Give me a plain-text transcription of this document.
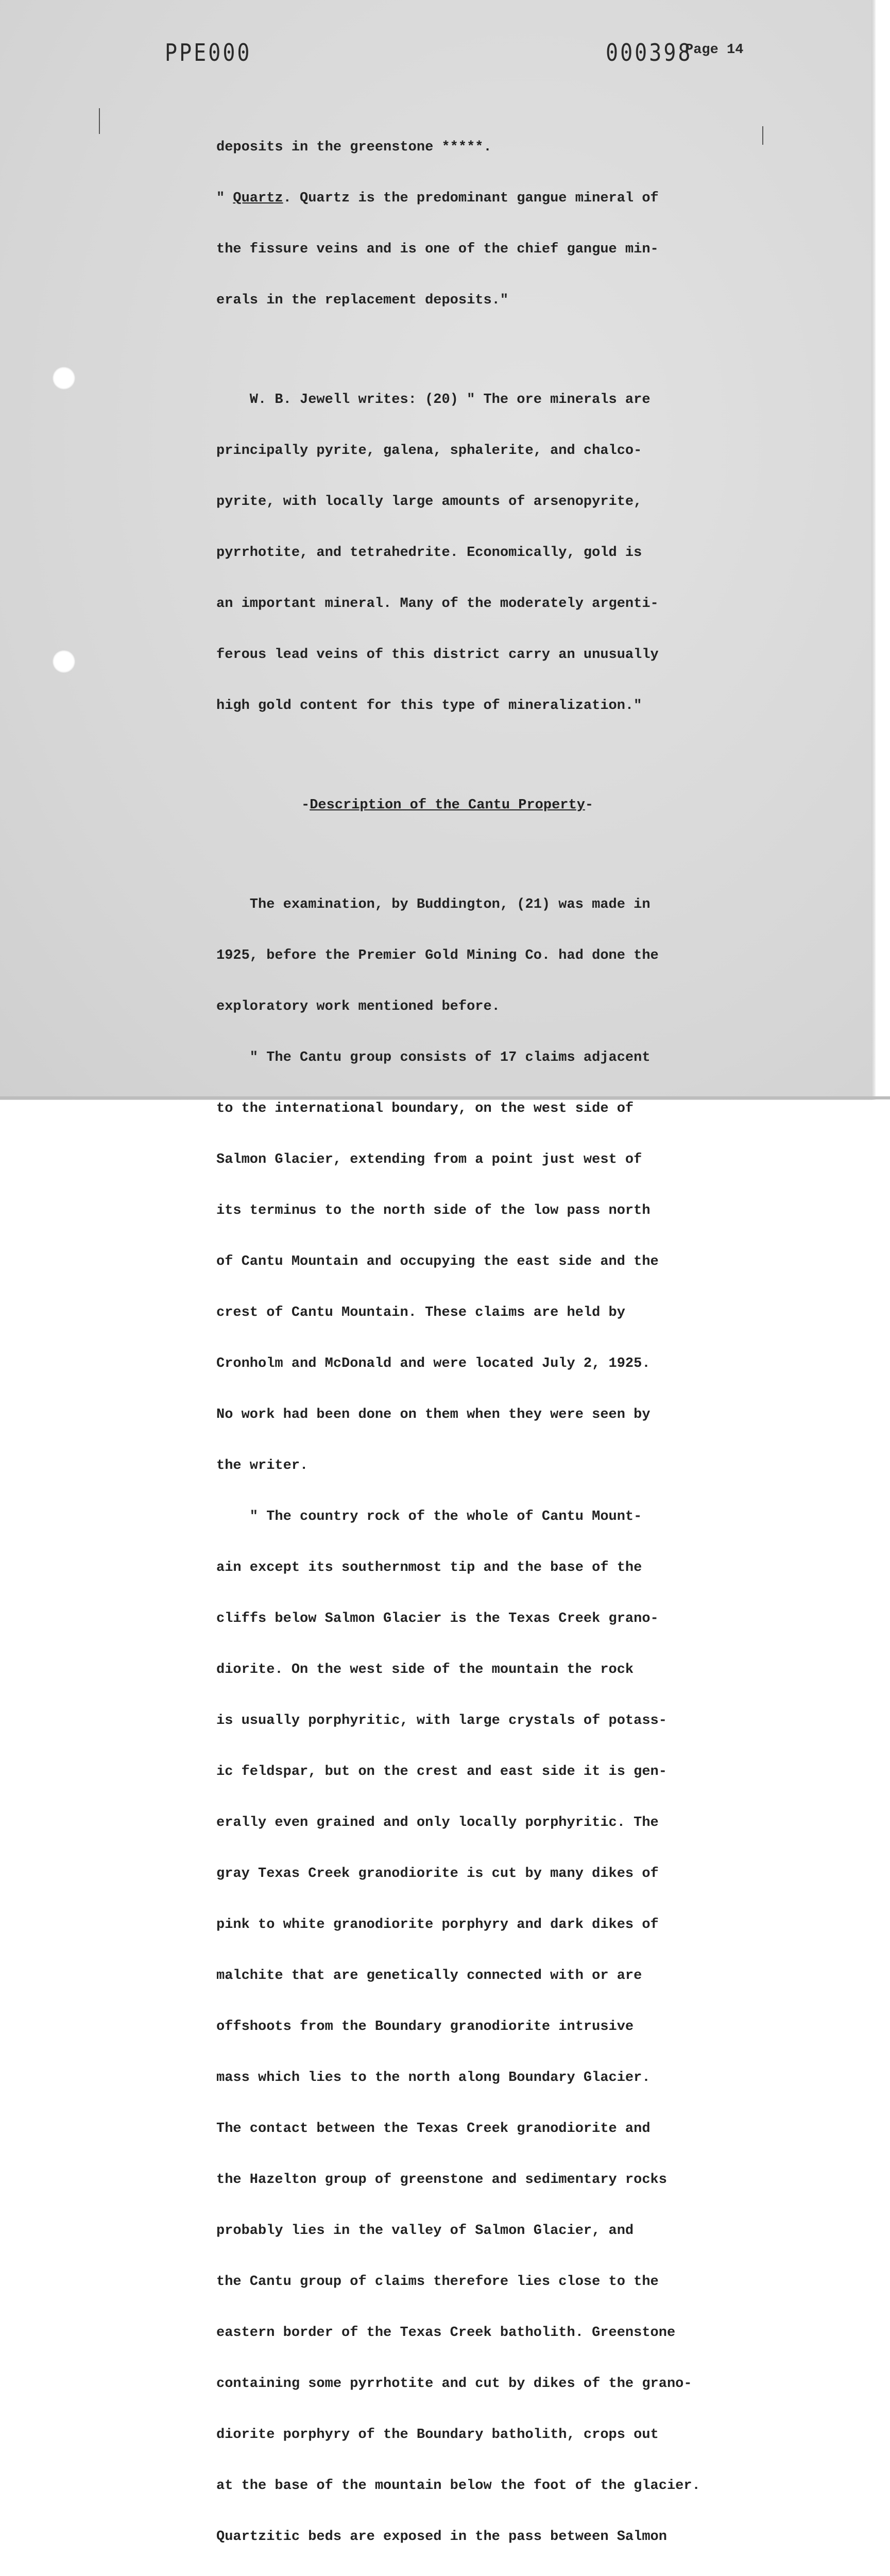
PPE000	000398
Page 14

deposits in the greenstone *****.

" Quartz. Quartz is the predominant gangue mineral of

the fissure veins and is one of the chief gangue min-

erals in the replacement deposits."

W. B. Jewell writes: (20) " The ore minerals are

principally pyrite, galena, sphalerite, and chalco-

pyrite, with locally large amounts of arsenopyrite,

pyrrhotite, and tetrahedrite. Economically, gold is

an important mineral. Many of the moderately argenti-

ferous lead veins of this district carry an unusually

high gold content for this type of mineralization."

-Description of the Cantu Property-

The examination, by Buddington, (21) was made in

1925, before the Premier Gold Mining Co. had done the

exploratory work mentioned before.

" The Cantu group consists of 17 claims adjacent

to the international boundary, on the west side of

Salmon Glacier, extending from a point just west of

its terminus to the north side of the low pass north

of Cantu Mountain and occupying the east side and the

crest of Cantu Mountain. These claims are held by

Cronholm and McDonald and were located July 2, 1925.

No work had been done on them when they were seen by

the writer.

" The country rock of the whole of Cantu Mount-

ain except its southernmost tip and the base of the

cliffs below Salmon Glacier is the Texas Creek grano-

diorite. On the west side of the mountain the rock

is usually porphyritic, with large crystals of potass-

ic feldspar, but on the crest and east side it is gen-

erally even grained and only locally porphyritic. The

gray Texas Creek granodiorite is cut by many dikes of

pink to white granodiorite porphyry and dark dikes of

malchite that are genetically connected with or are

offshoots from the Boundary granodiorite intrusive

mass which lies to the north along Boundary Glacier.

The contact between the Texas Creek granodiorite and

the Hazelton group of greenstone and sedimentary rocks

probably lies in the valley of Salmon Glacier, and

the Cantu group of claims therefore lies close to the

eastern border of the Texas Creek batholith. Greenstone

containing some pyrrhotite and cut by dikes of the grano-

diorite porphyry of the Boundary batholith, crops out

at the base of the mountain below the foot of the glacier.

Quartzitic beds are exposed in the pass between Salmon
